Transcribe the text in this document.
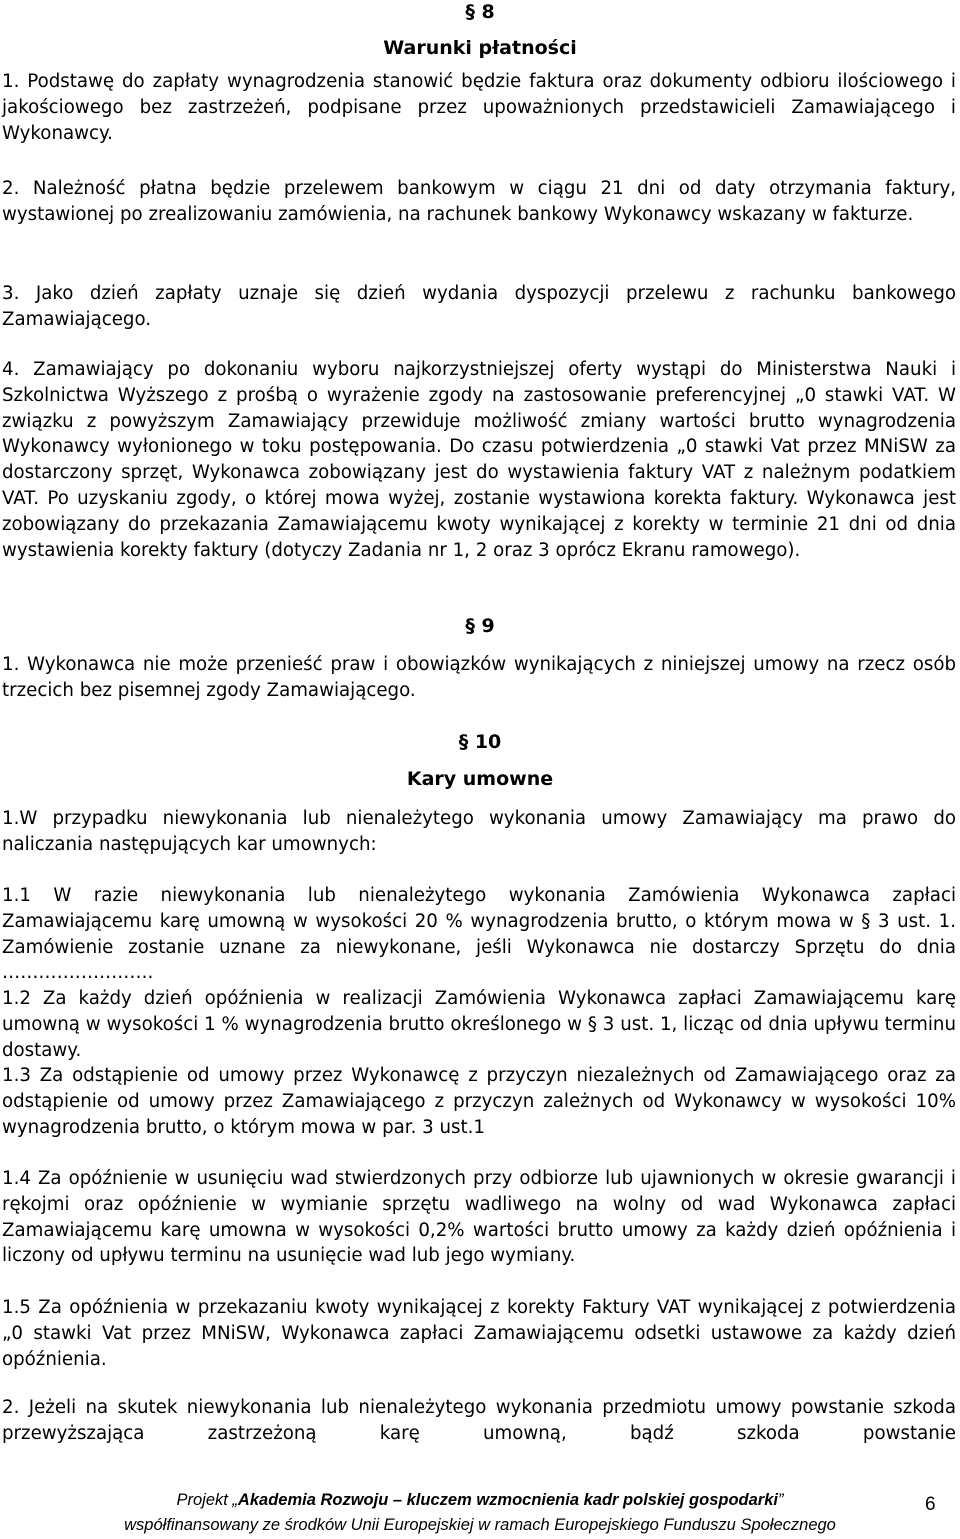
§ 8
Warunki płatności
1. Podstawę do zapłaty wynagrodzenia stanowić będzie faktura oraz dokumenty odbioru ilościowego i jakościowego bez zastrzeżeń, podpisane przez upoważnionych przedstawicieli Zamawiającego i Wykonawcy.
2. Należność płatna będzie przelewem bankowym w ciągu 21 dni od daty otrzymania faktury, wystawionej po zrealizowaniu zamówienia, na rachunek bankowy Wykonawcy wskazany w fakturze.
3. Jako dzień zapłaty uznaje się dzień wydania dyspozycji przelewu z rachunku bankowego Zamawiającego.
4. Zamawiający po dokonaniu wyboru najkorzystniejszej oferty wystąpi do Ministerstwa Nauki i Szkolnictwa Wyższego z prośbą o wyrażenie zgody na zastosowanie preferencyjnej „0 stawki VAT. W związku z powyższym Zamawiający przewiduje możliwość zmiany wartości brutto wynagrodzenia Wykonawcy wyłonionego w toku postępowania. Do czasu potwierdzenia „0 stawki Vat przez MNiSW za dostarczony sprzęt, Wykonawca zobowiązany jest do wystawienia faktury VAT z należnym podatkiem VAT. Po uzyskaniu zgody, o której mowa wyżej, zostanie wystawiona korekta faktury. Wykonawca jest zobowiązany do przekazania Zamawiającemu kwoty wynikającej z korekty w terminie 21 dni od dnia wystawienia korekty faktury (dotyczy Zadania nr 1, 2 oraz 3 oprócz Ekranu ramowego).
§ 9
1. Wykonawca nie może przenieść praw i obowiązków wynikających z niniejszej umowy na rzecz osób trzecich bez pisemnej zgody Zamawiającego.
§ 10
Kary umowne
1.W przypadku niewykonania lub nienależytego wykonania umowy Zamawiający ma prawo do naliczania następujących kar umownych:
1.1 W razie niewykonania lub nienależytego wykonania Zamówienia Wykonawca zapłaci Zamawiającemu karę umowną w wysokości 20 % wynagrodzenia brutto, o którym mowa w § 3 ust. 1. Zamówienie zostanie uznane za niewykonane, jeśli Wykonawca nie dostarczy Sprzętu do dnia …………………….
1.2 Za każdy dzień opóźnienia w realizacji Zamówienia Wykonawca zapłaci Zamawiającemu karę umowną w wysokości 1 % wynagrodzenia brutto określonego w § 3 ust. 1, licząc od dnia upływu terminu dostawy.
1.3 Za odstąpienie od umowy przez Wykonawcę z przyczyn niezależnych od Zamawiającego oraz za odstąpienie od umowy przez Zamawiającego z przyczyn zależnych od Wykonawcy w wysokości 10% wynagrodzenia brutto, o którym mowa w par. 3 ust.1
1.4 Za opóźnienie w usunięciu wad stwierdzonych przy odbiorze lub ujawnionych w okresie gwarancji i rękojmi oraz opóźnienie w wymianie sprzętu wadliwego na wolny od wad Wykonawca zapłaci Zamawiającemu karę umowna w wysokości 0,2% wartości brutto umowy za każdy dzień opóźnienia i liczony od upływu terminu na usunięcie wad lub jego wymiany.
1.5 Za opóźnienia w przekazaniu kwoty wynikającej z korekty Faktury VAT wynikającej z potwierdzenia „0 stawki Vat przez MNiSW, Wykonawca zapłaci Zamawiającemu odsetki ustawowe za każdy dzień opóźnienia.
2. Jeżeli na skutek niewykonania lub nienależytego wykonania przedmiotu umowy powstanie szkoda przewyższająca zastrzeżoną karę umowną, bądź szkoda powstanie
Projekt „Akademia Rozwoju – kluczem wzmocnienia kadr polskiej gospodarki”
współfinansowany ze środków Unii Europejskiej w ramach Europejskiego Funduszu Społecznego
6
